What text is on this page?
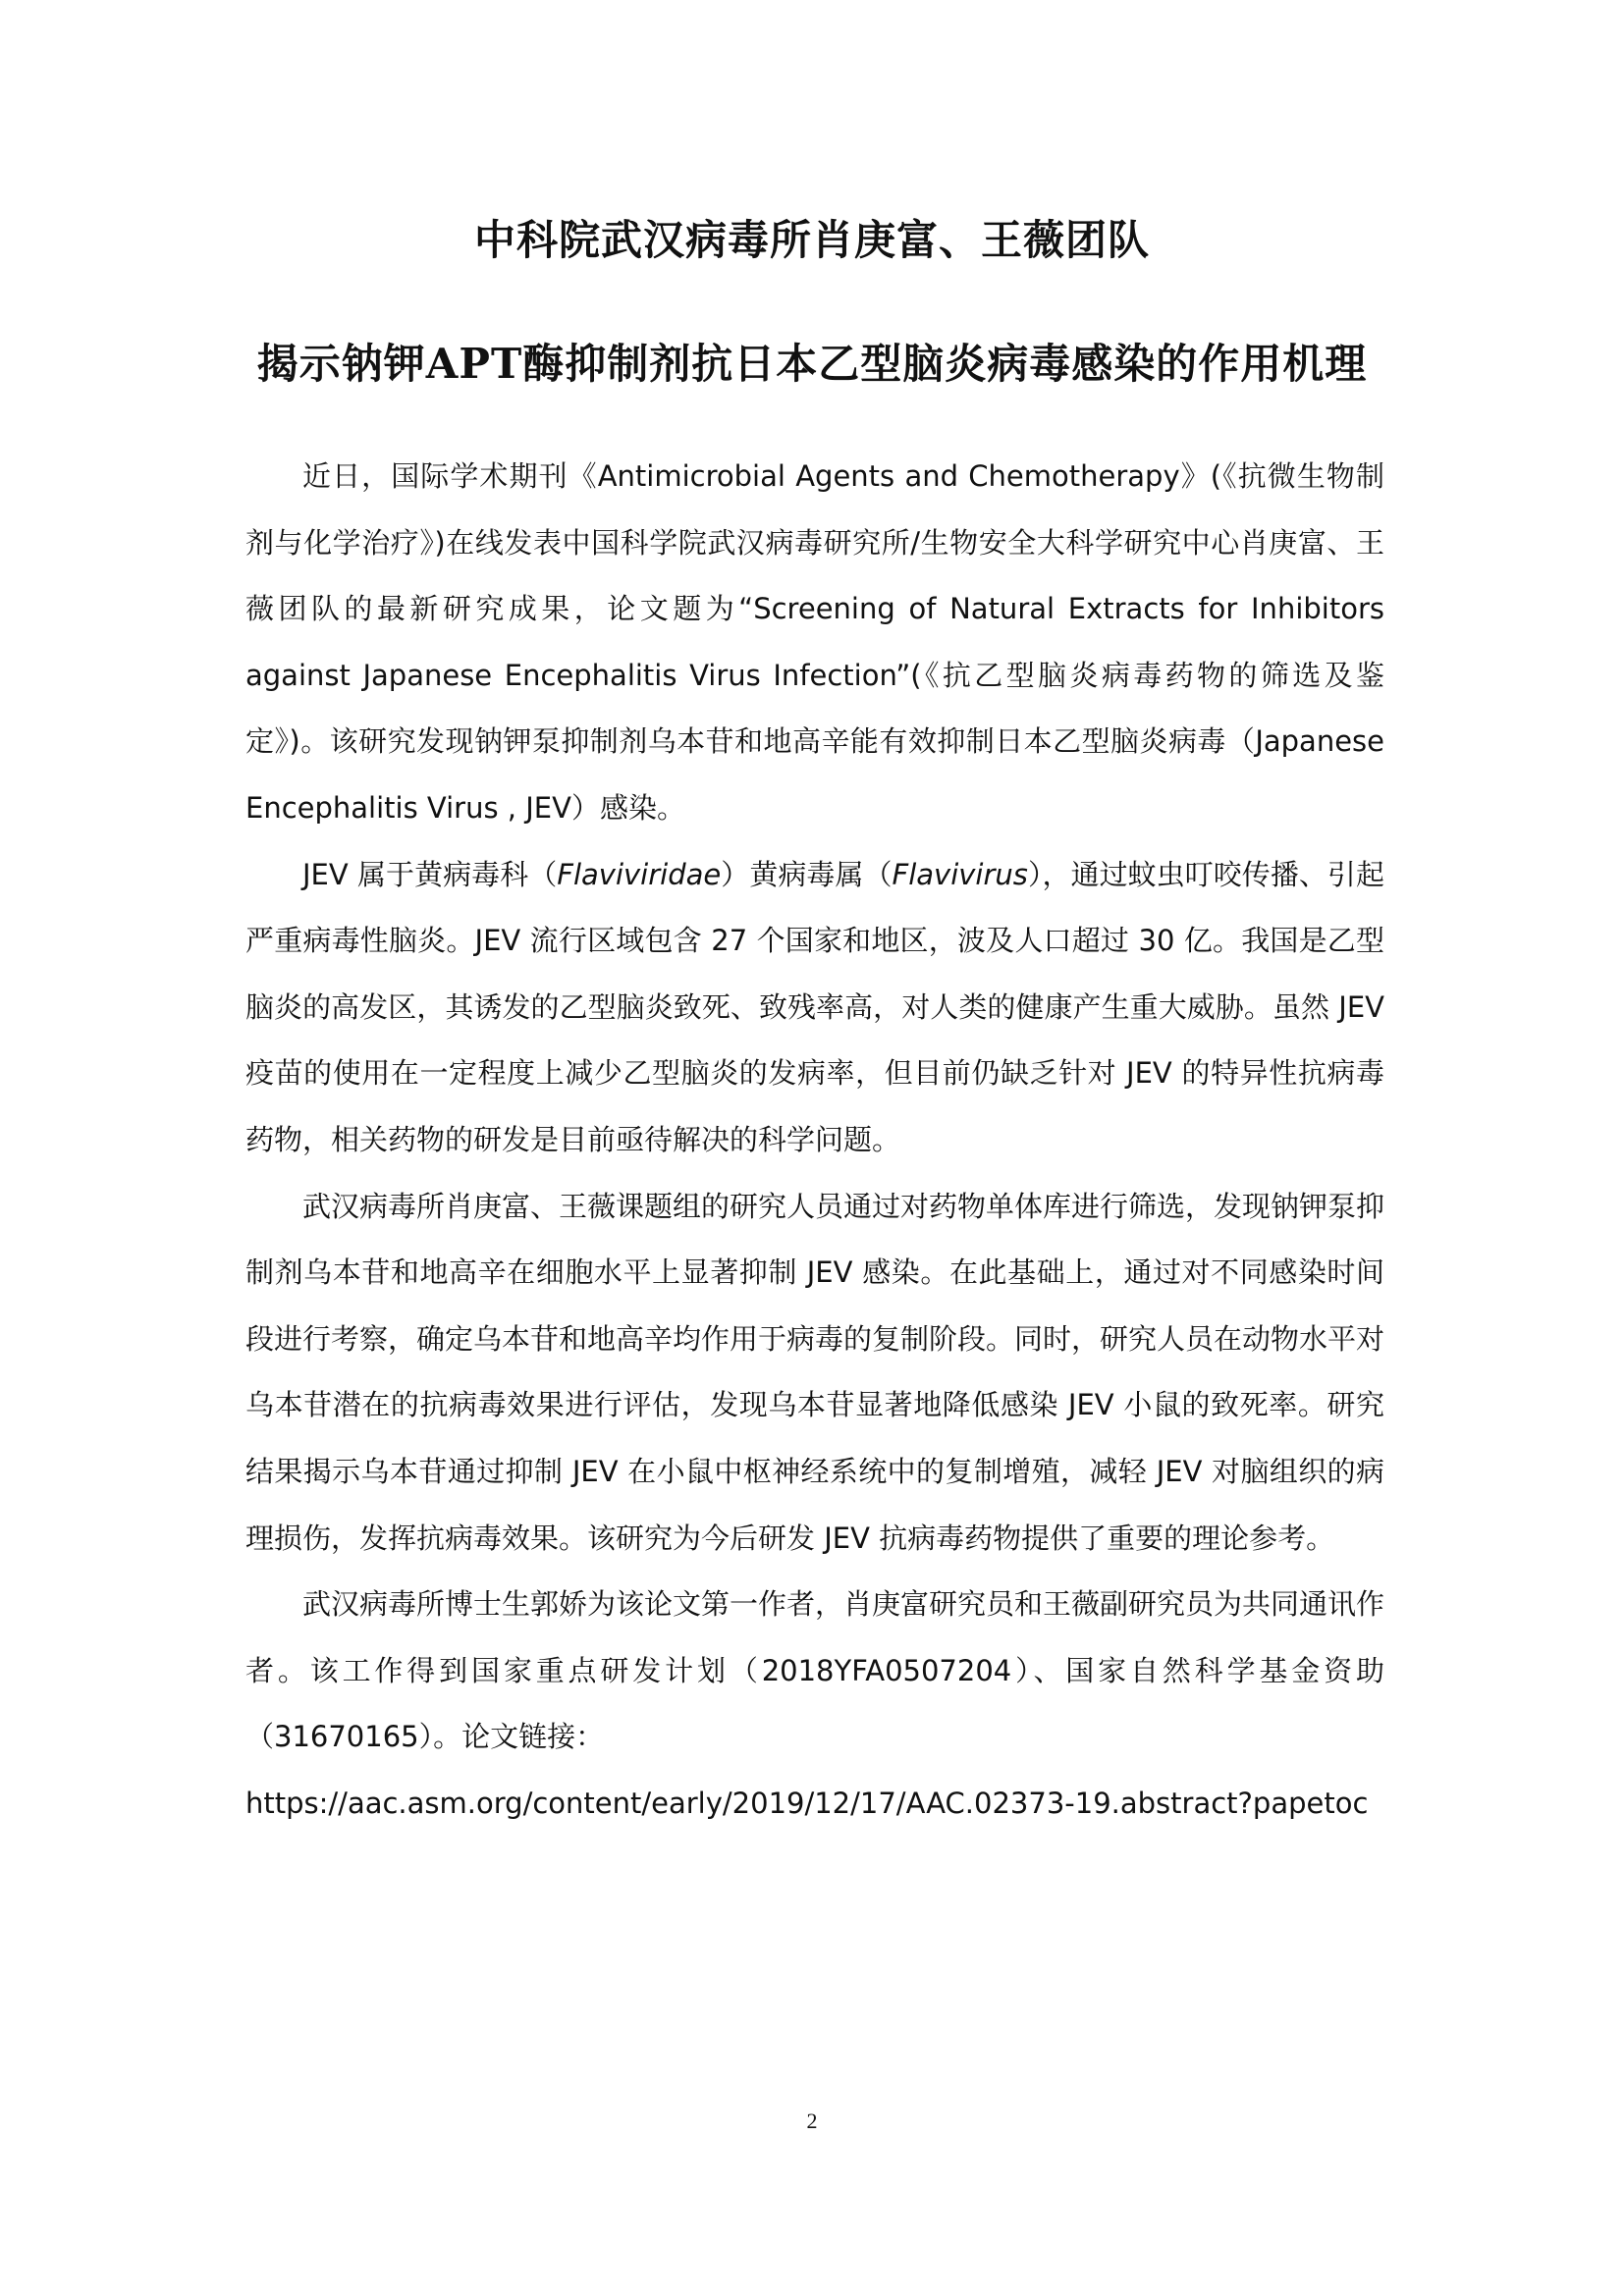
中科院武汉病毒所肖庚富、王薇团队
揭示钠钾APT酶抑制剂抗日本乙型脑炎病毒感染的作用机理

近日，国际学术期刊《Antimicrobial Agents and Chemotherapy》(《抗微生物制剂与化学治疗》)在线发表中国科学院武汉病毒研究所/生物安全大科学研究中心肖庚富、王薇团队的最新研究成果，论文题为“Screening of Natural Extracts for Inhibitors against Japanese Encephalitis Virus Infection”(《抗乙型脑炎病毒药物的筛选及鉴定》)。该研究发现钠钾泵抑制剂乌本苷和地高辛能有效抑制日本乙型脑炎病毒（Japanese Encephalitis Virus , JEV）感染。

JEV 属于黄病毒科（Flaviviridae）黄病毒属（Flavivirus），通过蚊虫叮咬传播、引起严重病毒性脑炎。JEV 流行区域包含 27 个国家和地区，波及人口超过 30 亿。我国是乙型脑炎的高发区，其诱发的乙型脑炎致死、致残率高，对人类的健康产生重大威胁。虽然 JEV 疫苗的使用在一定程度上减少乙型脑炎的发病率，但目前仍缺乏针对 JEV 的特异性抗病毒药物，相关药物的研发是目前亟待解决的科学问题。

武汉病毒所肖庚富、王薇课题组的研究人员通过对药物单体库进行筛选，发现钠钾泵抑制剂乌本苷和地高辛在细胞水平上显著抑制 JEV 感染。在此基础上，通过对不同感染时间段进行考察，确定乌本苷和地高辛均作用于病毒的复制阶段。同时，研究人员在动物水平对乌本苷潜在的抗病毒效果进行评估，发现乌本苷显著地降低感染 JEV 小鼠的致死率。研究结果揭示乌本苷通过抑制 JEV 在小鼠中枢神经系统中的复制增殖，减轻 JEV 对脑组织的病理损伤，发挥抗病毒效果。该研究为今后研发 JEV 抗病毒药物提供了重要的理论参考。

武汉病毒所博士生郭娇为该论文第一作者，肖庚富研究员和王薇副研究员为共同通讯作者。该工作得到国家重点研发计划（2018YFA0507204）、国家自然科学基金资助（31670165）。论文链接：

https://aac.asm.org/content/early/2019/12/17/AAC.02373-19.abstract?papetoc

2
